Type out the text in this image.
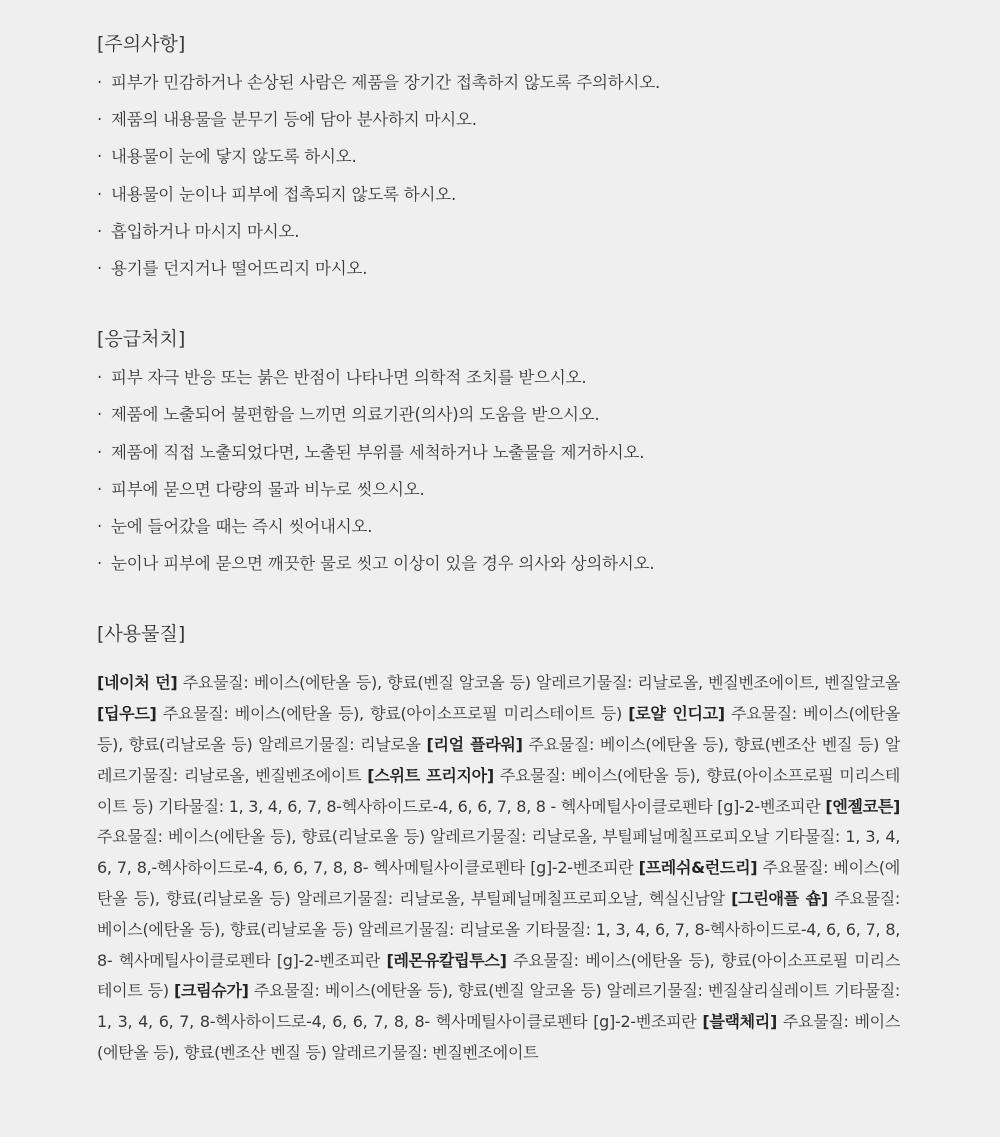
[주의사항]
· 피부가 민감하거나 손상된 사람은 제품을 장기간 접촉하지 않도록 주의하시오.
· 제품의 내용물을 분무기 등에 담아 분사하지 마시오.
· 내용물이 눈에 닿지 않도록 하시오.
· 내용물이 눈이나 피부에 접촉되지 않도록 하시오.
· 흡입하거나 마시지 마시오.
· 용기를 던지거나 떨어뜨리지 마시오.
[응급처치]
· 피부 자극 반응 또는 붉은 반점이 나타나면 의학적 조치를 받으시오.
· 제품에 노출되어 불편함을 느끼면 의료기관(의사)의 도움을 받으시오.
· 제품에 직접 노출되었다면, 노출된 부위를 세척하거나 노출물을 제거하시오.
· 피부에 묻으면 다량의 물과 비누로 씻으시오.
· 눈에 들어갔을 때는 즉시 씻어내시오.
· 눈이나 피부에 묻으면 깨끗한 물로 씻고 이상이 있을 경우 의사와 상의하시오.
[사용물질]

[네이처 던] 주요물질: 베이스(에탄올 등), 향료(벤질 알코올 등) 알레르기물질: 리날로올, 벤질벤조에이트, 벤질알코올 [딥우드] 주요물질: 베이스(에탄올 등), 향료(아이소프로필 미리스테이트 등) [로얄 인디고] 주요물질: 베이스(에탄올 등), 향료(리날로올 등) 알레르기물질: 리날로올 [리얼 플라워] 주요물질: 베이스(에탄올 등), 향료(벤조산 벤질 등) 알레르기물질: 리날로올, 벤질벤조에이트 [스위트 프리지아] 주요물질: 베이스(에탄올 등), 향료(아이소프로필 미리스테이트 등) 기타물질: 1, 3, 4, 6, 7, 8-헥사하이드로-4, 6, 6, 7, 8, 8 - 헥사메틸사이클로펜타 [g]-2-벤조피란 [엔젤코튼] 주요물질: 베이스(에탄올 등), 향료(리날로올 등) 알레르기물질: 리날로올, 부틸페닐메칠프로피오날 기타물질: 1, 3, 4, 6, 7, 8,-헥사하이드로-4, 6, 6, 7, 8, 8- 헥사메틸사이클로펜타 [g]-2-벤조피란 [프레쉬&런드리] 주요물질: 베이스(에탄올 등), 향료(리날로올 등) 알레르기물질: 리날로올, 부틸페닐메칠프로피오날, 헥실신남알 [그린애플 숍] 주요물질: 베이스(에탄올 등), 향료(리날로올 등) 알레르기물질: 리날로올 기타물질: 1, 3, 4, 6, 7, 8-헥사하이드로-4, 6, 6, 7, 8, 8- 헥사메틸사이클로펜타 [g]-2-벤조피란 [레몬유칼립투스] 주요물질: 베이스(에탄올 등), 향료(아이소프로필 미리스테이트 등) [크림슈가] 주요물질: 베이스(에탄올 등), 향료(벤질 알코올 등) 알레르기물질: 벤질살리실레이트 기타물질: 1, 3, 4, 6, 7, 8-헥사하이드로-4, 6, 6, 7, 8, 8- 헥사메틸사이클로펜타 [g]-2-벤조피란 [블랙체리] 주요물질: 베이스(에탄올 등), 향료(벤조산 벤질 등) 알레르기물질: 벤질벤조에이트
